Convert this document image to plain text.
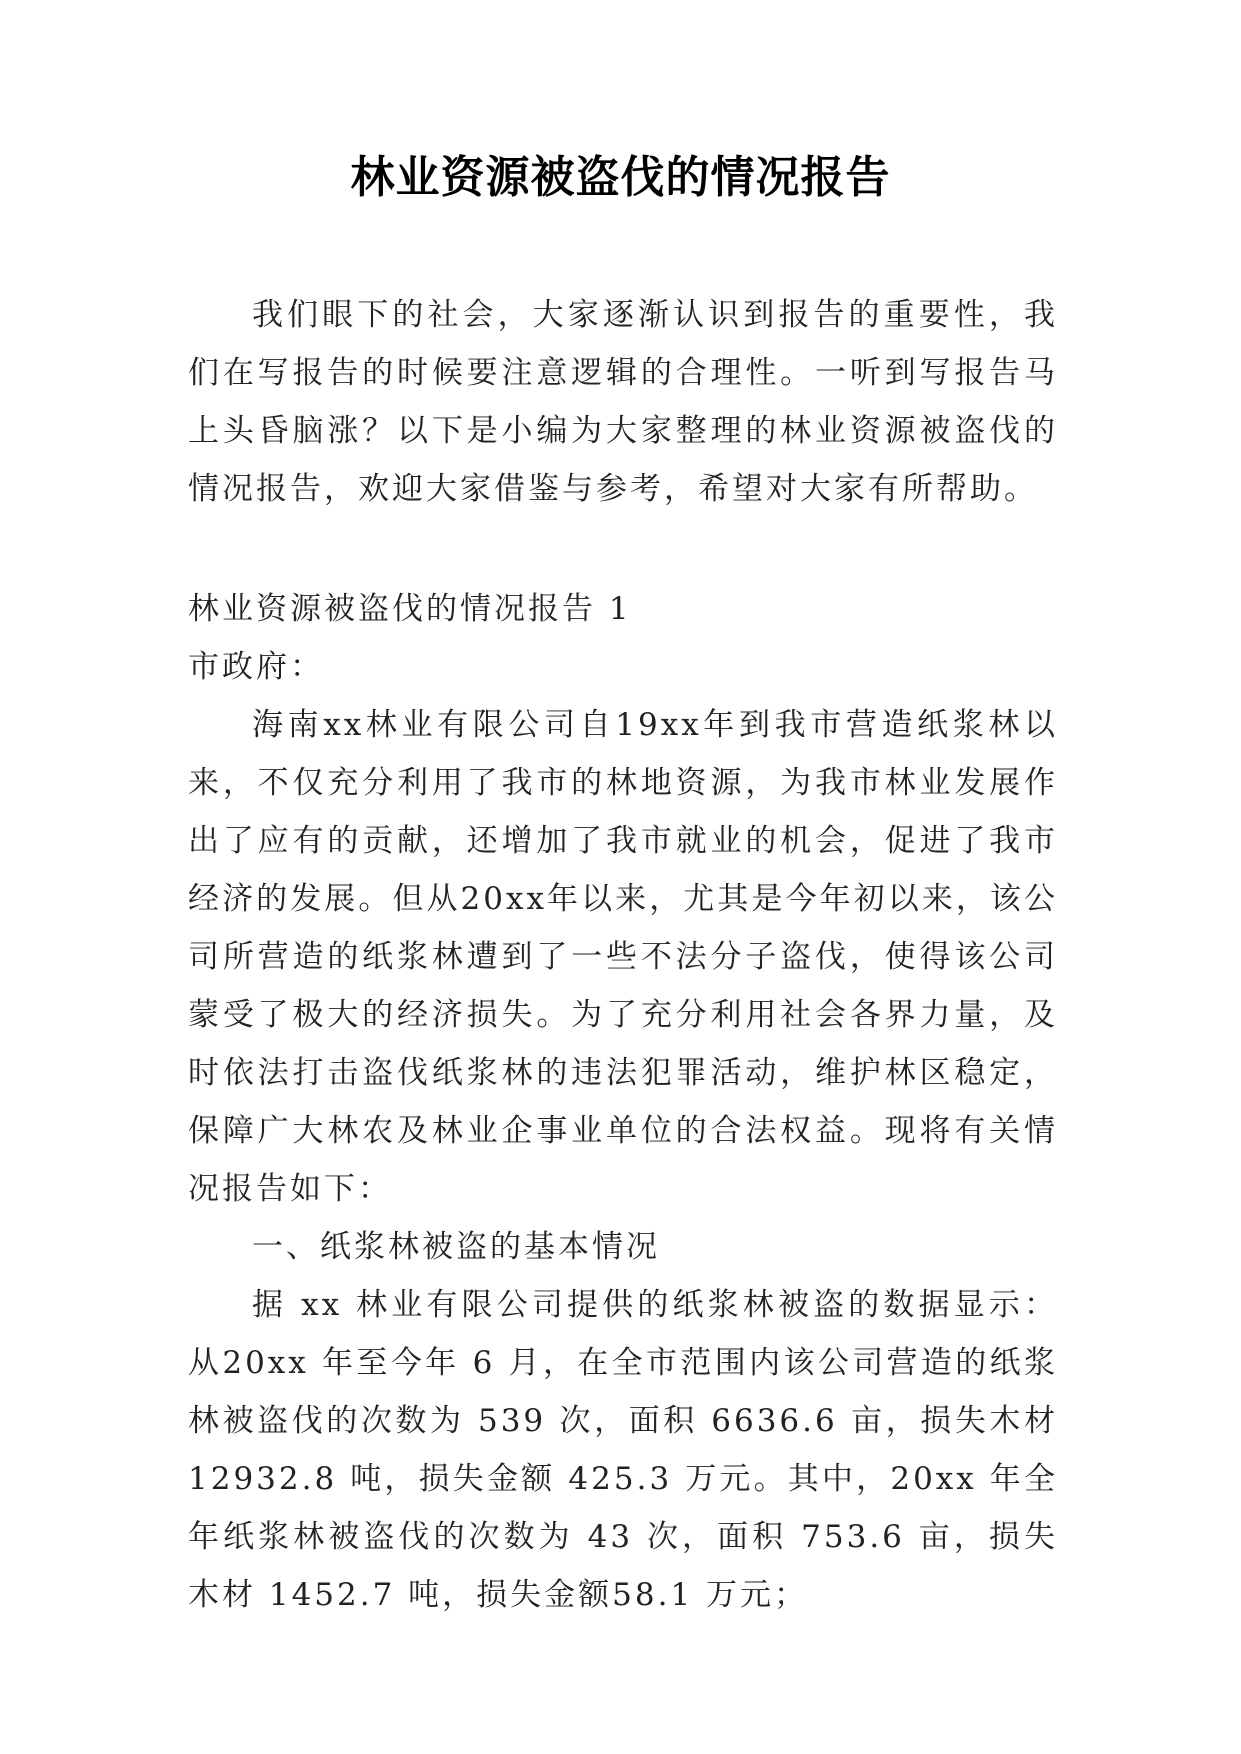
林业资源被盗伐的情况报告

我们眼下的社会，大家逐渐认识到报告的重要性，我们在写报告的时候要注意逻辑的合理性。一听到写报告马上头昏脑涨？以下是小编为大家整理的林业资源被盗伐的情况报告，欢迎大家借鉴与参考，希望对大家有所帮助。

林业资源被盗伐的情况报告 1

市政府：

海南xx林业有限公司自19xx年到我市营造纸浆林以来，不仅充分利用了我市的林地资源，为我市林业发展作出了应有的贡献，还增加了我市就业的机会，促进了我市经济的发展。但从20xx年以来，尤其是今年初以来，该公司所营造的纸浆林遭到了一些不法分子盗伐，使得该公司蒙受了极大的经济损失。为了充分利用社会各界力量，及时依法打击盗伐纸浆林的违法犯罪活动，维护林区稳定，保障广大林农及林业企事业单位的合法权益。现将有关情况报告如下：

一、纸浆林被盗的基本情况

据 xx 林业有限公司提供的纸浆林被盗的数据显示：从20xx 年至今年 6 月，在全市范围内该公司营造的纸浆林被盗伐的次数为 539 次，面积 6636.6 亩，损失木材 12932.8 吨，损失金额 425.3 万元。其中，20xx 年全年纸浆林被盗伐的次数为 43 次，面积 753.6 亩，损失木材 1452.7 吨，损失金额58.1 万元；
